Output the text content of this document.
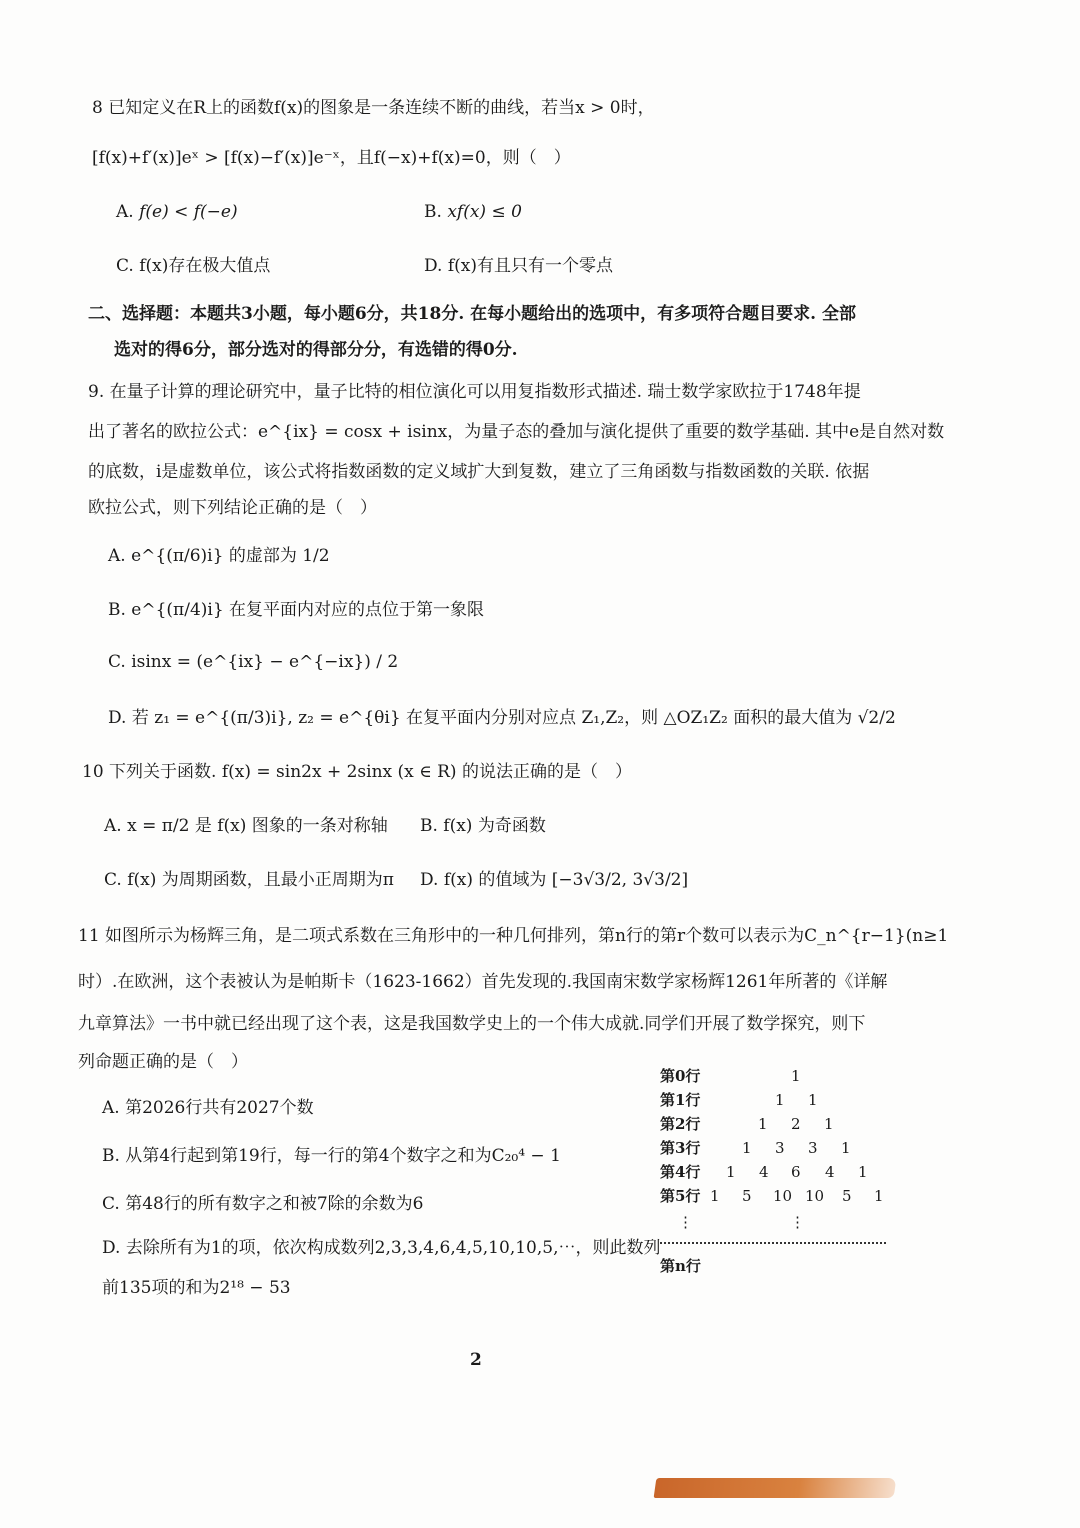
8 已知定义在R上的函数f(x)的图象是一条连续不断的曲线，若当x > 0时，
[f(x)+f′(x)]eˣ > [f(x)−f′(x)]e⁻ˣ，且f(−x)+f(x)=0，则（　）
A. f(e) < f(−e)	B. xf(x) ≤ 0
C. f(x)存在极大值点	D. f(x)有且只有一个零点
二、选择题：本题共3小题，每小题6分，共18分. 在每小题给出的选项中，有多项符合题目要求. 全部
选对的得6分，部分选对的得部分分，有选错的得0分.
9. 在量子计算的理论研究中，量子比特的相位演化可以用复指数形式描述. 瑞士数学家欧拉于1748年提
出了著名的欧拉公式：e^{ix} = cosx + isinx，为量子态的叠加与演化提供了重要的数学基础. 其中e是自然对数
的底数，i是虚数单位，该公式将指数函数的定义域扩大到复数，建立了三角函数与指数函数的关联. 依据
欧拉公式，则下列结论正确的是（　）
A. e^{(π/6)i} 的虚部为 1/2
B. e^{(π/4)i} 在复平面内对应的点位于第一象限
C. isinx = (e^{ix} − e^{−ix}) / 2
D. 若 z₁ = e^{(π/3)i}, z₂ = e^{θi} 在复平面内分别对应点 Z₁,Z₂，则 △OZ₁Z₂ 面积的最大值为 √2/2
10 下列关于函数. f(x) = sin2x + 2sinx (x ∈ R) 的说法正确的是（　）
A. x = π/2 是 f(x) 图象的一条对称轴 B. f(x) 为奇函数
C. f(x) 为周期函数，且最小正周期为π D. f(x) 的值域为 [−3√3/2, 3√3/2]
11 如图所示为杨辉三角，是二项式系数在三角形中的一种几何排列，第n行的第r个数可以表示为C_n^{r−1}(n≥1
时）.在欧洲，这个表被认为是帕斯卡（1623-1662）首先发现的.我国南宋数学家杨辉1261年所著的《详解
九章算法》一书中就已经出现了这个表，这是我国数学史上的一个伟大成就.同学们开展了数学探究，则下
列命题正确的是（　）
A. 第2026行共有2027个数
B. 从第4行起到第19行，每一行的第4个数字之和为C₂₀⁴ − 1
C. 第48行的所有数字之和被7除的余数为6
D. 去除所有为1的项，依次构成数列2,3,3,4,6,4,5,10,10,5,⋯，则此数列
前135项的和为2¹⁸ − 53
第0行	1
第1行	1 1
第2行	1 2 1
第3行	1 3 3 1
第4行 1 4 6 4 1
第5行 1 5 10 10 5 1
⋮	⋮
第n行
2
